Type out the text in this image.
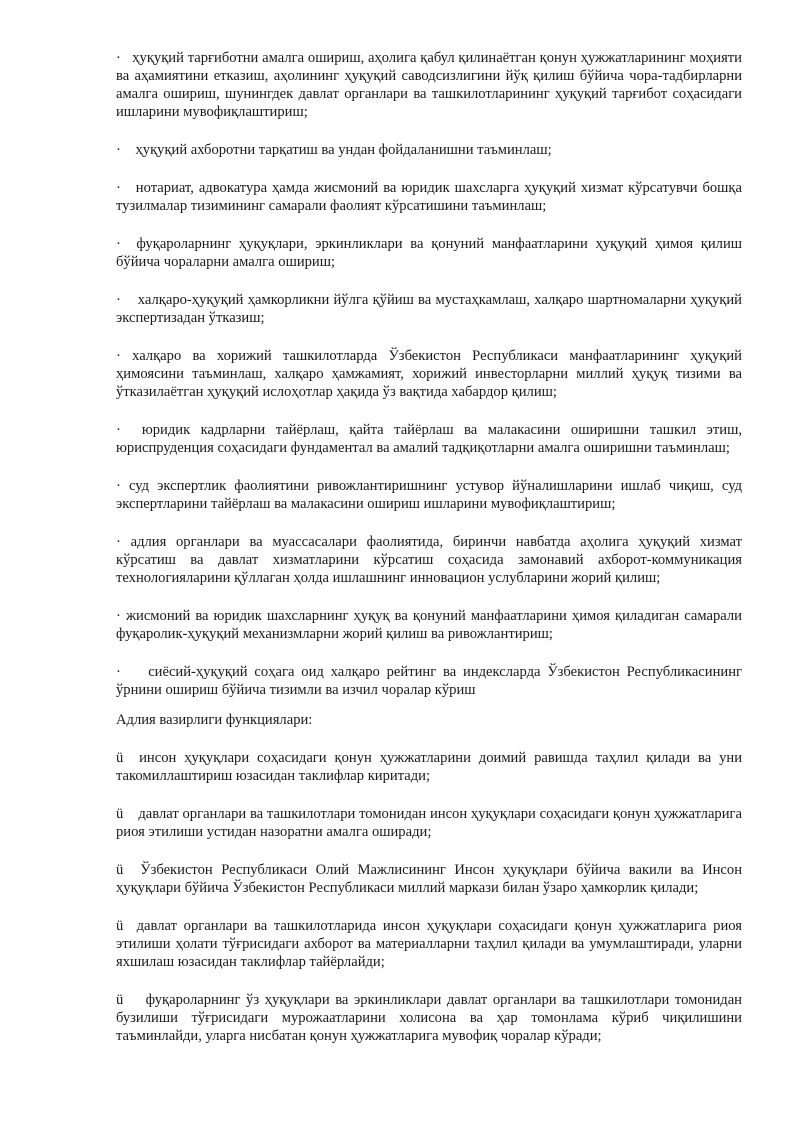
· ҳуқуқий тарғиботни амалга ошириш, аҳолига қабул қилинаётган қонун ҳужжатларининг моҳияти ва аҳамиятини етказиш, аҳолининг ҳуқуқий саводсизлигини йўқ қилиш бўйича чора-тадбирларни амалга ошириш, шунингдек давлат органлари ва ташкилотларининг ҳуқуқий тарғибот соҳасидаги ишларини мувофиқлаштириш;

· ҳуқуқий ахборотни тарқатиш ва ундан фойдаланишни таъминлаш;

· нотариат, адвокатура ҳамда жисмоний ва юридик шахсларга ҳуқуқий хизмат кўрсатувчи бошқа тузилмалар тизимининг самарали фаолият кўрсатишини таъминлаш;

· фуқароларнинг ҳуқуқлари, эркинликлари ва қонуний манфаатларини ҳуқуқий ҳимоя қилиш бўйича чораларни амалга ошириш;

· халқаро-ҳуқуқий ҳамкорликни йўлга қўйиш ва мустаҳкамлаш, халқаро шартномаларни ҳуқуқий экспертизадан ўтказиш;

· халқаро ва хорижий ташкилотларда Ўзбекистон Республикаси манфаатларининг ҳуқуқий ҳимоясини таъминлаш, халқаро ҳамжамият, хорижий инвесторларни миллий ҳуқуқ тизими ва ўтказилаётган ҳуқуқий ислоҳотлар ҳақида ўз вақтида хабардор қилиш;

· юридик кадрларни тайёрлаш, қайта тайёрлаш ва малакасини оширишни ташкил этиш, юриспруденция соҳасидаги фундаментал ва амалий тадқиқотларни амалга оширишни таъминлаш;

· суд экспертлик фаолиятини ривожлантиришнинг устувор йўналишларини ишлаб чиқиш, суд экспертларини тайёрлаш ва малакасини ошириш ишларини мувофиқлаштириш;

· адлия органлари ва муассасалари фаолиятида, биринчи навбатда аҳолига ҳуқуқий хизмат кўрсатиш ва давлат хизматларини кўрсатиш соҳасида замонавий ахборот-коммуникация технологияларини қўллаган ҳолда ишлашнинг инновацион услубларини жорий қилиш;

· жисмоний ва юридик шахсларнинг ҳуқуқ ва қонуний манфаатларини ҳимоя қиладиган самарали фуқаролик-ҳуқуқий механизмларни жорий қилиш ва ривожлантириш;

· сиёсий-ҳуқуқий соҳага оид халқаро рейтинг ва индексларда Ўзбекистон Республикасининг ўрнини ошириш бўйича тизимли ва изчил чоралар кўриш

Адлия вазирлиги функциялари:

ü инсон ҳуқуқлари соҳасидаги қонун ҳужжатларини доимий равишда таҳлил қилади ва уни такомиллаштириш юзасидан таклифлар киритади;

ü давлат органлари ва ташкилотлари томонидан инсон ҳуқуқлари соҳасидаги қонун ҳужжатларига риоя этилиши устидан назоратни амалга оширади;

ü Ўзбекистон Республикаси Олий Мажлисининг Инсон ҳуқуқлари бўйича вакили ва Инсон ҳуқуқлари бўйича Ўзбекистон Республикаси миллий маркази билан ўзаро ҳамкорлик қилади;

ü давлат органлари ва ташкилотларида инсон ҳуқуқлари соҳасидаги қонун ҳужжатларига риоя этилиши ҳолати тўғрисидаги ахборот ва материалларни таҳлил қилади ва умумлаштиради, уларни яхшилаш юзасидан таклифлар тайёрлайди;

ü фуқароларнинг ўз ҳуқуқлари ва эркинликлари давлат органлари ва ташкилотлари томонидан бузилиши тўғрисидаги мурожаатларини холисона ва ҳар томонлама кўриб чиқилишини таъминлайди, уларга нисбатан қонун ҳужжатларига мувофиқ чоралар кўради;
